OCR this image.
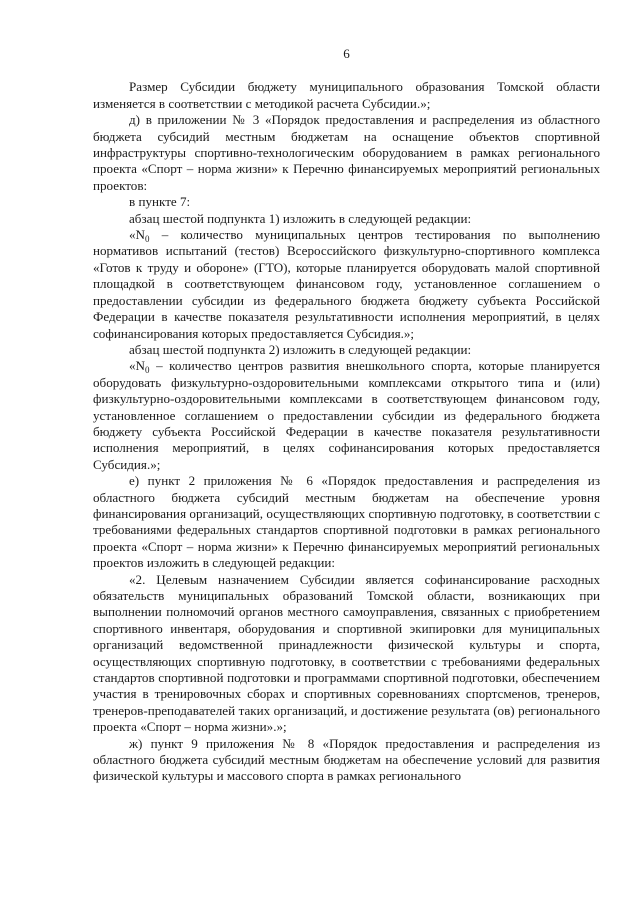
6

Размер Субсидии бюджету муниципального образования Томской области изменяется в соответствии с методикой расчета Субсидии.»;

д) в приложении № 3 «Порядок предоставления и распределения из областного бюджета субсидий местным бюджетам на оснащение объектов спортивной инфраструктуры спортивно-технологическим оборудованием в рамках регионального проекта «Спорт – норма жизни» к Перечню финансируемых мероприятий региональных проектов:

в пункте 7:

абзац шестой подпункта 1) изложить в следующей редакции:

«$N_0$ – количество муниципальных центров тестирования по выполнению нормативов испытаний (тестов) Всероссийского физкультурно-спортивного комплекса «Готов к труду и обороне» (ГТО), которые планируется оборудовать малой спортивной площадкой в соответствующем финансовом году, установленное соглашением о предоставлении субсидии из федерального бюджета бюджету субъекта Российской Федерации в качестве показателя результативности исполнения мероприятий, в целях софинансирования которых предоставляется Субсидия.»;

абзац шестой подпункта 2) изложить в следующей редакции:

«$N_0$ – количество центров развития внешкольного спорта, которые планируется оборудовать физкультурно-оздоровительными комплексами открытого типа и (или) физкультурно-оздоровительными комплексами в соответствующем финансовом году, установленное соглашением о предоставлении субсидии из федерального бюджета бюджету субъекта Российской Федерации в качестве показателя результативности исполнения мероприятий, в целях софинансирования которых предоставляется Субсидия.»;

е) пункт 2 приложения № 6 «Порядок предоставления и распределения из областного бюджета субсидий местным бюджетам на обеспечение уровня финансирования организаций, осуществляющих спортивную подготовку, в соответствии с требованиями федеральных стандартов спортивной подготовки в рамках регионального проекта «Спорт – норма жизни» к Перечню финансируемых мероприятий региональных проектов изложить в следующей редакции:

«2. Целевым назначением Субсидии является софинансирование расходных обязательств муниципальных образований Томской области, возникающих при выполнении полномочий органов местного самоуправления, связанных с приобретением спортивного инвентаря, оборудования и спортивной экипировки для муниципальных организаций ведомственной принадлежности физической культуры и спорта, осуществляющих спортивную подготовку, в соответствии с требованиями федеральных стандартов спортивной подготовки и программами спортивной подготовки, обеспечением участия в тренировочных сборах и спортивных соревнованиях спортсменов, тренеров, тренеров-преподавателей таких организаций, и достижение результата (ов) регионального проекта «Спорт – норма жизни».»;

ж) пункт 9 приложения № 8 «Порядок предоставления и распределения из областного бюджета субсидий местным бюджетам на обеспечение условий для развития физической культуры и массового спорта в рамках регионального
